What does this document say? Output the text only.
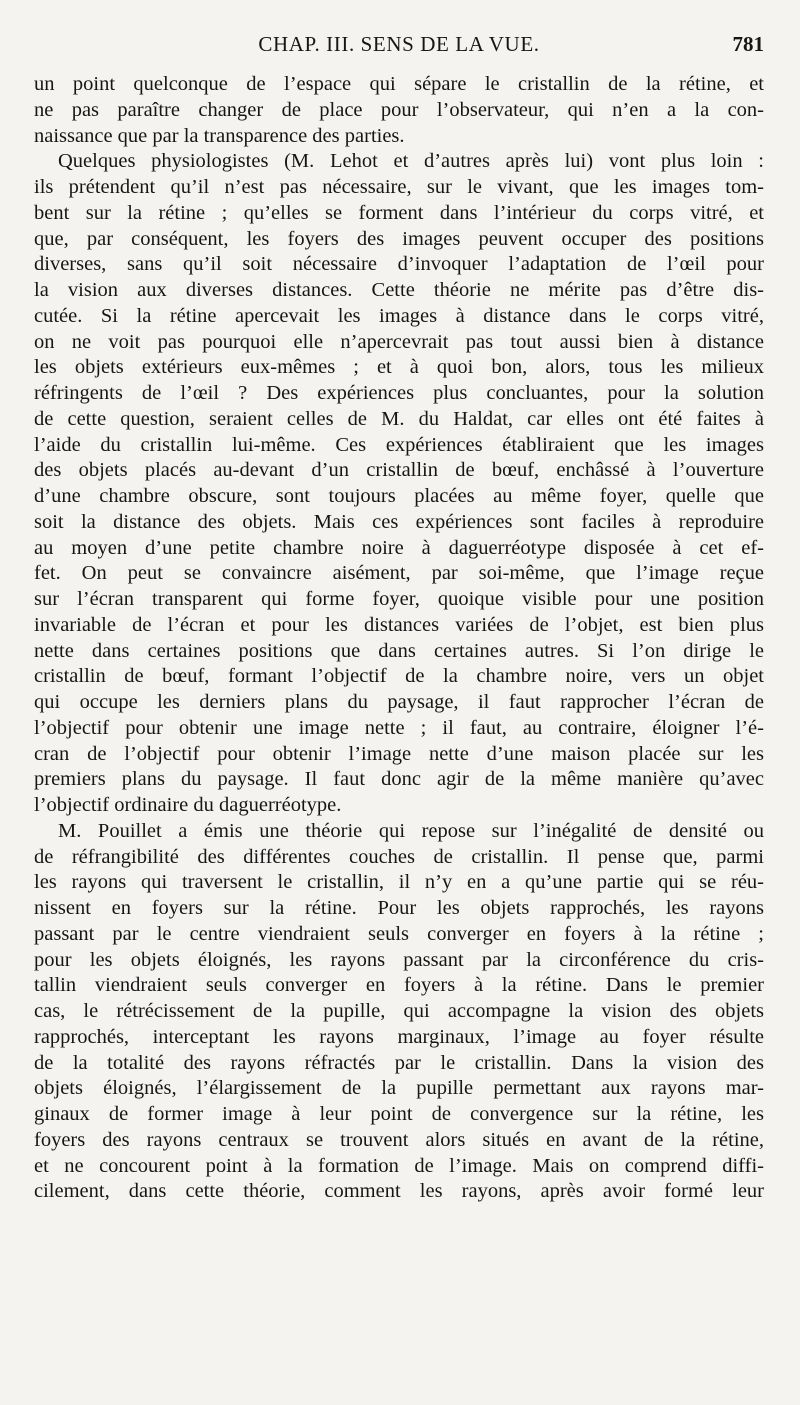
CHAP. III. SENS DE LA VUE.	781

un point quelconque de l’espace qui sépare le cristallin de la rétine, et
ne pas paraître changer de place pour l’observateur, qui n’en a la con-
naissance que par la transparence des parties.

Quelques physiologistes (M. Lehot et d’autres après lui) vont plus loin :
ils prétendent qu’il n’est pas nécessaire, sur le vivant, que les images tom-
bent sur la rétine ; qu’elles se forment dans l’intérieur du corps vitré, et
que, par conséquent, les foyers des images peuvent occuper des positions
diverses, sans qu’il soit nécessaire d’invoquer l’adaptation de l’œil pour
la vision aux diverses distances. Cette théorie ne mérite pas d’être dis-
cutée. Si la rétine apercevait les images à distance dans le corps vitré,
on ne voit pas pourquoi elle n’apercevrait pas tout aussi bien à distance
les objets extérieurs eux-mêmes ; et à quoi bon, alors, tous les milieux
réfringents de l’œil ? Des expériences plus concluantes, pour la solution
de cette question, seraient celles de M. du Haldat, car elles ont été faites à
l’aide du cristallin lui-même. Ces expériences établiraient que les images
des objets placés au-devant d’un cristallin de bœuf, enchâssé à l’ouverture
d’une chambre obscure, sont toujours placées au même foyer, quelle que
soit la distance des objets. Mais ces expériences sont faciles à reproduire
au moyen d’une petite chambre noire à daguerréotype disposée à cet ef-
fet. On peut se convaincre aisément, par soi-même, que l’image reçue
sur l’écran transparent qui forme foyer, quoique visible pour une position
invariable de l’écran et pour les distances variées de l’objet, est bien plus
nette dans certaines positions que dans certaines autres. Si l’on dirige le
cristallin de bœuf, formant l’objectif de la chambre noire, vers un objet
qui occupe les derniers plans du paysage, il faut rapprocher l’écran de
l’objectif pour obtenir une image nette ; il faut, au contraire, éloigner l’é-
cran de l’objectif pour obtenir l’image nette d’une maison placée sur les
premiers plans du paysage. Il faut donc agir de la même manière qu’avec
l’objectif ordinaire du daguerréotype.

M. Pouillet a émis une théorie qui repose sur l’inégalité de densité ou
de réfrangibilité des différentes couches de cristallin. Il pense que, parmi
les rayons qui traversent le cristallin, il n’y en a qu’une partie qui se réu-
nissent en foyers sur la rétine. Pour les objets rapprochés, les rayons
passant par le centre viendraient seuls converger en foyers à la rétine ;
pour les objets éloignés, les rayons passant par la circonférence du cris-
tallin viendraient seuls converger en foyers à la rétine. Dans le premier
cas, le rétrécissement de la pupille, qui accompagne la vision des objets
rapprochés, interceptant les rayons marginaux, l’image au foyer résulte
de la totalité des rayons réfractés par le cristallin. Dans la vision des
objets éloignés, l’élargissement de la pupille permettant aux rayons mar-
ginaux de former image à leur point de convergence sur la rétine, les
foyers des rayons centraux se trouvent alors situés en avant de la rétine,
et ne concourent point à la formation de l’image. Mais on comprend diffi-
cilement, dans cette théorie, comment les rayons, après avoir formé leur
